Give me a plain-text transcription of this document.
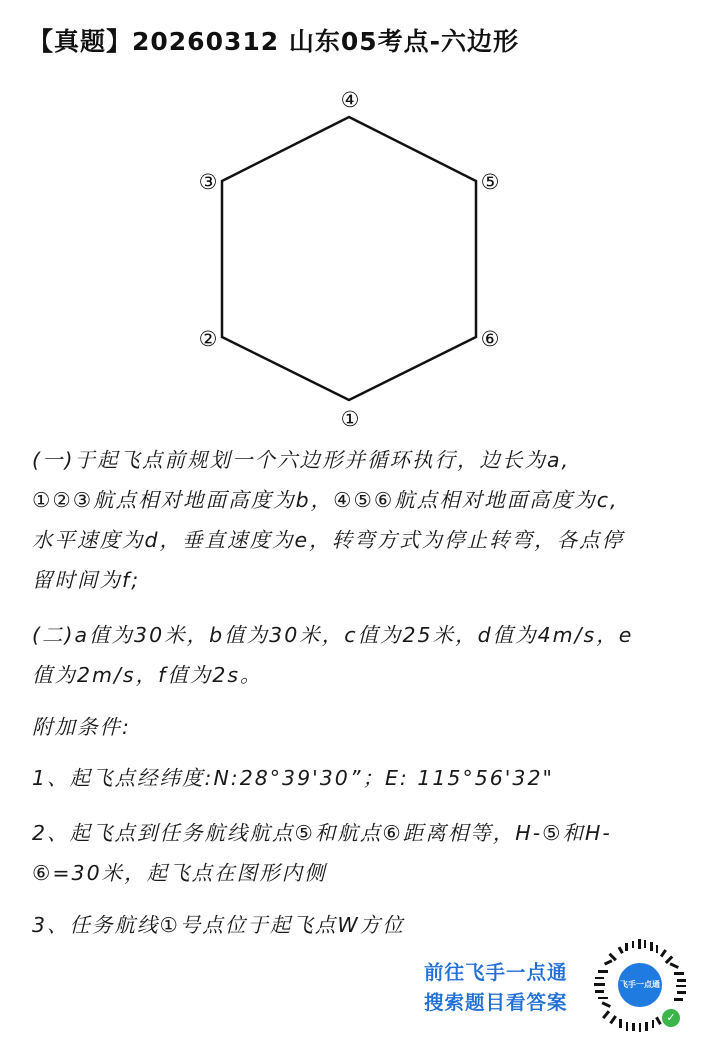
【真题】20260312 山东05考点-六边形
①
②
③
④
⑤
⑥

(一)于起飞点前规划一个六边形并循环执行，边长为a,

①②③航点相对地面高度为b，④⑤⑥航点相对地面高度为c,

水平速度为d，垂直速度为e，转弯方式为停止转弯，各点停

留时间为f;

(二)a值为30米，b值为30米，c值为25米，d值为4m/s，e

值为2m/s，f值为2s。

附加条件:

1、起飞点经纬度:N:28°39'30”；E: 115°56'32"

2、起飞点到任务航线航点⑤和航点⑥距离相等，H-⑤和H-

⑥=30米，起飞点在图形内侧

3、任务航线①号点位于起飞点W方位

前往飞手一点通
搜索题目看答案
飞手一点通
✓
